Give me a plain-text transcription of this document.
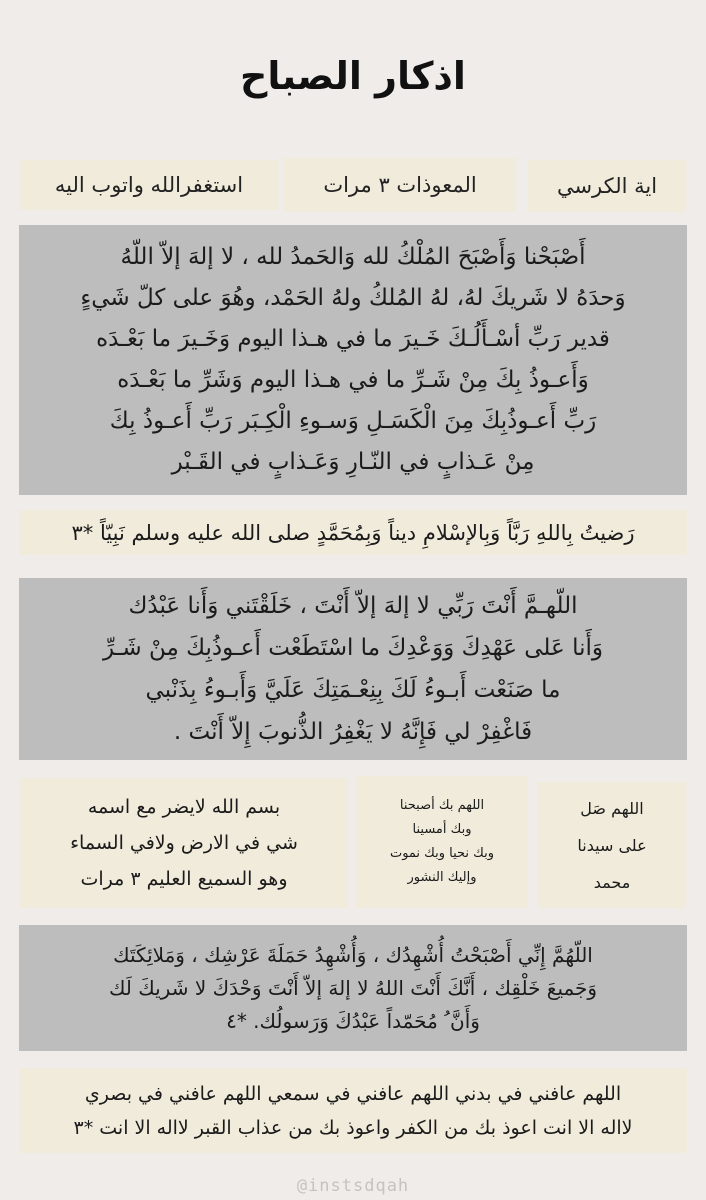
اذكار الصباح
اية الكرسي
المعوذات ٣ مرات
استغفرالله واتوب اليه
أَصْبَحْنا وَأَصْبَحَ المُلْكُ لله وَالحَمدُ لله ، لا إلهَ إلاّ اللّهُ
وَحدَهُ لا شَريكَ لهُ، لهُ المُلكُ ولهُ الحَمْد، وهُوَ على كلّ شَيءٍ
قدير رَبِّ أسْـأَلُـكَ خَـيرَ ما في هـذا اليوم وَخَـيرَ ما بَعْـدَه
وَأَعـوذُ بِكَ مِنْ شَـرِّ ما في هـذا اليوم وَشَرِّ ما بَعْـدَه
رَبِّ أَعـوذُبِكَ مِنَ الْكَسَـلِ وَسـوءِ الْكِـبَر رَبِّ أَعـوذُ بِكَ
مِنْ عَـذابٍ في النّـارِ وَعَـذابٍ في القَـبْر
رَضيتُ بِاللهِ رَبَّاً وَبِالإسْلامِ ديناً وَبِمُحَمَّدٍ صلى الله عليه وسلم نَبِيّاً *٣
اللّهـمَّ أَنْتَ رَبِّي لا إلهَ إلاّ أَنْتَ ، خَلَقْتَني وَأَنا عَبْدُك
وَأَنا عَلى عَهْدِكَ وَوَعْدِكَ ما اسْتَطَعْت أَعـوذُبِكَ مِنْ شَـرِّ
ما صَنَعْت أَبـوءُ لَكَ بِنِعْـمَتِكَ عَلَيَّ وَأَبـوءُ بِذَنْبي
فَاغْفِرْ لي فَإِنَّهُ لا يَغْفِرُ الذُّنوبَ إِلاّ أَنْتَ .
اللهم صَل
على سيدنا
محمد
اللهم بك أصبحنا
وبك أمسينا
وبك نحيا وبك نموت
وإليك النشور
بسم الله لايضر مع اسمه
شي في الارض ولافي السماء
وهو السميع العليم ٣ مرات
اللّهُمَّ إِنِّي أَصْبَحْتُ أُشْهِدُك ، وَأُشْهِدُ حَمَلَةَ عَرْشِك ، وَمَلائِكَتَك
وَجَميعَ خَلْقِك ، أَنَّكَ أَنْتَ اللهُ لا إلهَ إلاّ أَنْتَ وَحْدَكَ لا شَريكَ لَك
وَأَنَّ ُ مُحَمّداً عَبْدُكَ وَرَسولُك. *٤
اللهم عافني في بدني اللهم عافني في سمعي اللهم عافني في بصري
لااله الا انت اعوذ بك من الكفر واعوذ بك من عذاب القبر لااله الا انت *٣
@instsdqah
